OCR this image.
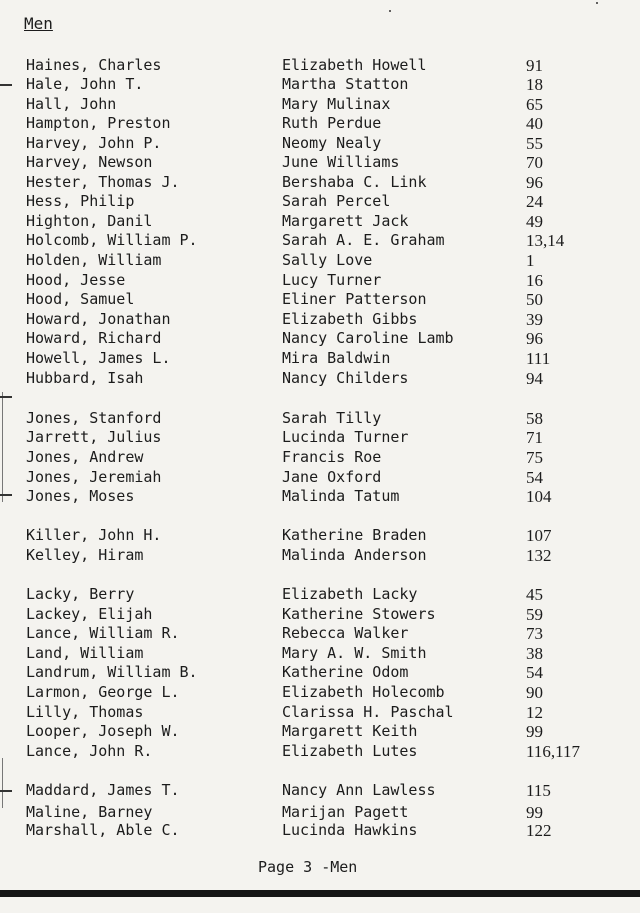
Men
Haines, Charles	Elizabeth Howell	91
Hale, John T.	Martha Statton	18
Hall, John	Mary Mulinax	65
Hampton, Preston	Ruth Perdue	40
Harvey, John P.	Neomy Nealy	55
Harvey, Newson	June Williams	70
Hester, Thomas J.	Bershaba C. Link	96
Hess, Philip	Sarah Percel	24
Highton, Danil	Margarett Jack	49
Holcomb, William P.	Sarah A. E. Graham	13,14
Holden, William	Sally Love	1
Hood, Jesse	Lucy Turner	16
Hood, Samuel	Eliner Patterson	50
Howard, Jonathan	Elizabeth Gibbs	39
Howard, Richard	Nancy Caroline Lamb	96
Howell, James L.	Mira Baldwin	111
Hubbard, Isah	Nancy Childers	94
Jones, Stanford	Sarah Tilly	58
Jarrett, Julius	Lucinda Turner	71
Jones, Andrew	Francis Roe	75
Jones, Jeremiah	Jane Oxford	54
Jones, Moses	Malinda Tatum	104
Killer, John H.	Katherine Braden	107
Kelley, Hiram	Malinda Anderson	132
Lacky, Berry	Elizabeth Lacky	45
Lackey, Elijah	Katherine Stowers	59
Lance, William R.	Rebecca Walker	73
Land, William	Mary A. W. Smith	38
Landrum, William B.	Katherine Odom	54
Larmon, George L.	Elizabeth Holecomb	90
Lilly, Thomas	Clarissa H. Paschal	12
Looper, Joseph W.	Margarett Keith	99
Lance, John R.	Elizabeth Lutes	116,117
Maddard, James T.	Nancy Ann Lawless	115
Maline, Barney	Marijan Pagett	99
Marshall, Able C.	Lucinda Hawkins	122
Page 3 -Men
